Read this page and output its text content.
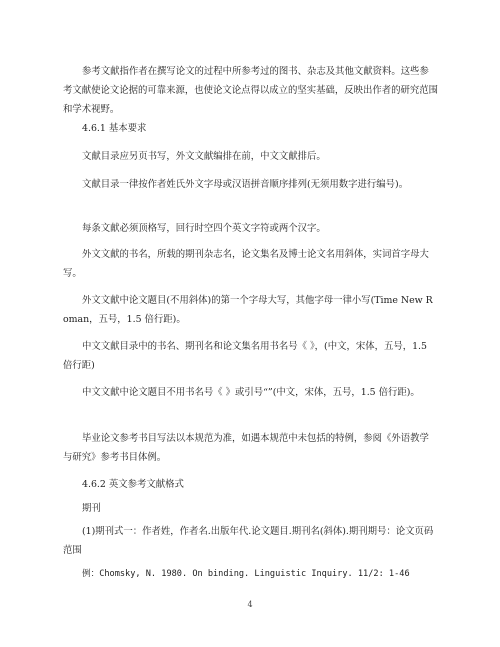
参考文献指作者在撰写论文的过程中所参考过的图书、杂志及其他文献资料。这些参考文献使论文论据的可靠来源，也使论文论点得以成立的坚实基础，反映出作者的研究范围和学术视野。

4.6.1 基本要求

文献目录应另页书写，外文文献编排在前，中文文献排后。

文献目录一律按作者姓氏外文字母或汉语拼音顺序排列(无须用数字进行编号)。

每条文献必须顶格写，回行时空四个英文字符或两个汉字。

外文文献的书名，所载的期刊杂志名，论文集名及博士论文名用斜体，实词首字母大写。

外文文献中论文题目(不用斜体)的第一个字母大写，其他字母一律小写(Time New Roman，五号，1.5 倍行距)。

中文文献目录中的书名、期刊名和论文集名用书名号《 》，(中文，宋体，五号，1.5 倍行距)

中文文献中论文题目不用书名号《 》或引号“”(中文，宋体，五号，1.5 倍行距)。

毕业论文参考书目写法以本规范为准，如遇本规范中未包括的特例，参阅《外语教学与研究》参考书目体例。

4.6.2 英文参考文献格式

期刊

(1)期刊式一：作者姓，作者名.出版年代.论文题目.期刊名(斜体).期刊期号：论文页码范围

例：Chomsky, N. 1980. On binding. Linguistic Inquiry. 11/2: 1-46

4
